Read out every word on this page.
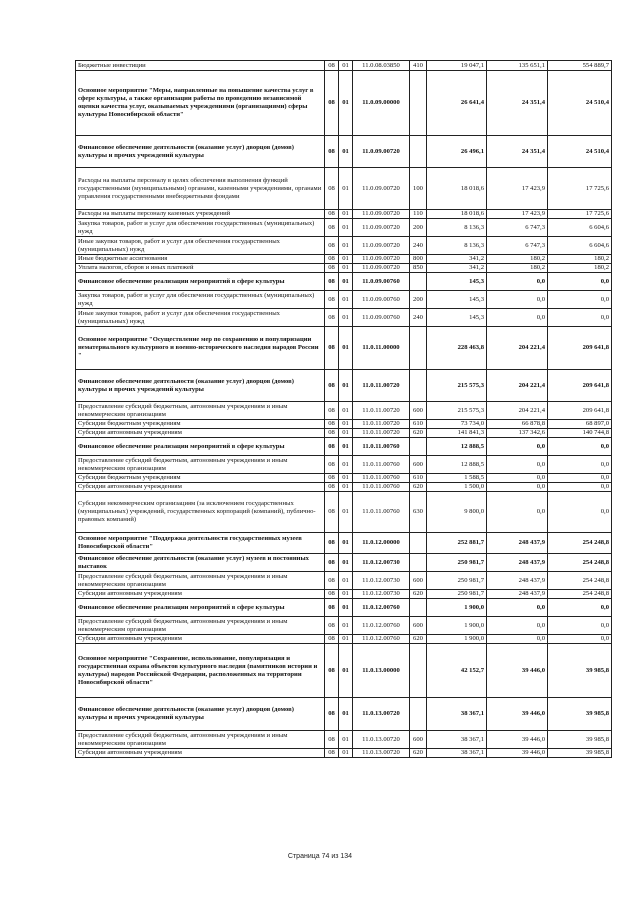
Бюджетные инвестиции	08	01	11.0.08.03850	410	19 047,1	135 651,1	554 889,7
Основное мероприятие "Меры, направленные на повышение качества услуг в сфере культуры, а также организации работы по проведению независимой оценки качества услуг, оказываемых учреждениями (организациями) сферы культуры Новосибирской области"	08	01	11.0.09.00000		26 641,4	24 351,4	24 510,4
Финансовое обеспечение деятельности (оказание услуг) дворцов (домов) культуры и прочих учреждений культуры	08	01	11.0.09.00720		26 496,1	24 351,4	24 510,4
Расходы на выплаты персоналу в целях обеспечения выполнения функций государственными (муниципальными) органами, казенными учреждениями, органами управления государственными внебюджетными фондами	08	01	11.0.09.00720	100	18 018,6	17 423,9	17 725,6
Расходы на выплаты персоналу казенных учреждений	08	01	11.0.09.00720	110	18 018,6	17 423,9	17 725,6
Закупка товаров, работ и услуг для обеспечения государственных (муниципальных) нужд	08	01	11.0.09.00720	200	8 136,3	6 747,3	6 604,6
Иные закупки товаров, работ и услуг для обеспечения государственных (муниципальных) нужд	08	01	11.0.09.00720	240	8 136,3	6 747,3	6 604,6
Иные бюджетные ассигнования	08	01	11.0.09.00720	800	341,2	180,2	180,2
Уплата налогов, сборов и иных платежей	08	01	11.0.09.00720	850	341,2	180,2	180,2
Финансовое обеспечение реализации мероприятий в сфере культуры	08	01	11.0.09.00760		145,3	0,0	0,0
Закупка товаров, работ и услуг для обеспечения государственных (муниципальных) нужд	08	01	11.0.09.00760	200	145,3	0,0	0,0
Иные закупки товаров, работ и услуг для обеспечения государственных (муниципальных) нужд	08	01	11.0.09.00760	240	145,3	0,0	0,0
Основное мероприятие "Осуществление мер по сохранению и популяризации нематериального культурного и военно-исторического наследия народов России "	08	01	11.0.11.00000		228 463,8	204 221,4	209 641,8
Финансовое обеспечение деятельности (оказание услуг) дворцов (домов) культуры и прочих учреждений культуры	08	01	11.0.11.00720		215 575,3	204 221,4	209 641,8
Предоставление субсидий бюджетным, автономным учреждениям и иным некоммерческим организациям	08	01	11.0.11.00720	600	215 575,3	204 221,4	209 641,8
Субсидии бюджетным учреждениям	08	01	11.0.11.00720	610	73 734,0	66 878,8	68 897,0
Субсидии автономным учреждениям	08	01	11.0.11.00720	620	141 841,3	137 342,6	140 744,8
Финансовое обеспечение реализации мероприятий в сфере культуры	08	01	11.0.11.00760		12 888,5	0,0	0,0
Предоставление субсидий бюджетным, автономным учреждениям и иным некоммерческим организациям	08	01	11.0.11.00760	600	12 888,5	0,0	0,0
Субсидии бюджетным учреждениям	08	01	11.0.11.00760	610	1 588,5	0,0	0,0
Субсидии автономным учреждениям	08	01	11.0.11.00760	620	1 500,0	0,0	0,0
Субсидии некоммерческим организациям (за исключением государственных (муниципальных) учреждений, государственных корпораций (компаний), публично-правовых компаний)	08	01	11.0.11.00760	630	9 800,0	0,0	0,0
Основное мероприятие "Поддержка деятельности государственных музеев Новосибирской области"	08	01	11.0.12.00000		252 881,7	248 437,9	254 248,8
Финансовое обеспечение деятельности (оказание услуг) музеев и постоянных выставок	08	01	11.0.12.00730		250 981,7	248 437,9	254 248,8
Предоставление субсидий бюджетным, автономным учреждениям и иным некоммерческим организациям	08	01	11.0.12.00730	600	250 981,7	248 437,9	254 248,8
Субсидии автономным учреждениям	08	01	11.0.12.00730	620	250 981,7	248 437,9	254 248,8
Финансовое обеспечение реализации мероприятий в сфере культуры	08	01	11.0.12.00760		1 900,0	0,0	0,0
Предоставление субсидий бюджетным, автономным учреждениям и иным некоммерческим организациям	08	01	11.0.12.00760	600	1 900,0	0,0	0,0
Субсидии автономным учреждениям	08	01	11.0.12.00760	620	1 900,0	0,0	0,0
Основное мероприятие "Сохранение, использование, популяризация и государственная охрана объектов культурного наследия (памятников истории и культуры) народов Российской Федерации, расположенных на территории Новосибирской области"	08	01	11.0.13.00000		42 152,7	39 446,0	39 985,8
Финансовое обеспечение деятельности (оказание услуг) дворцов (домов) культуры и прочих учреждений культуры	08	01	11.0.13.00720		38 367,1	39 446,0	39 985,8
Предоставление субсидий бюджетным, автономным учреждениям и иным некоммерческим организациям	08	01	11.0.13.00720	600	38 367,1	39 446,0	39 985,8
Субсидии автономным учреждениям	08	01	11.0.13.00720	620	38 367,1	39 446,0	39 985,8
Страница 74 из 134
